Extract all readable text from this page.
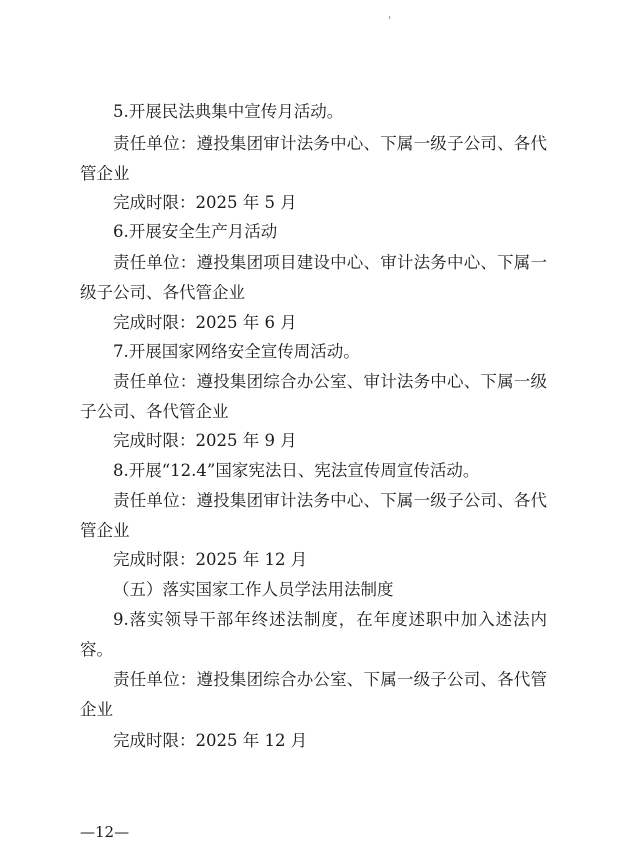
5.开展民法典集中宣传月活动。
责任单位：遵投集团审计法务中心、下属一级子公司、各代
管企业
完成时限：2025 年 5 月
6.开展安全生产月活动
责任单位：遵投集团项目建设中心、审计法务中心、下属一
级子公司、各代管企业
完成时限：2025 年 6 月
7.开展国家网络安全宣传周活动。
责任单位：遵投集团综合办公室、审计法务中心、下属一级
子公司、各代管企业
完成时限：2025 年 9 月
8.开展“12.4”国家宪法日、宪法宣传周宣传活动。
责任单位：遵投集团审计法务中心、下属一级子公司、各代
管企业
完成时限：2025 年 12 月
（五）落实国家工作人员学法用法制度
9.落实领导干部年终述法制度，在年度述职中加入述法内
容。
责任单位：遵投集团综合办公室、下属一级子公司、各代管
企业
完成时限：2025 年 12 月
—12—
